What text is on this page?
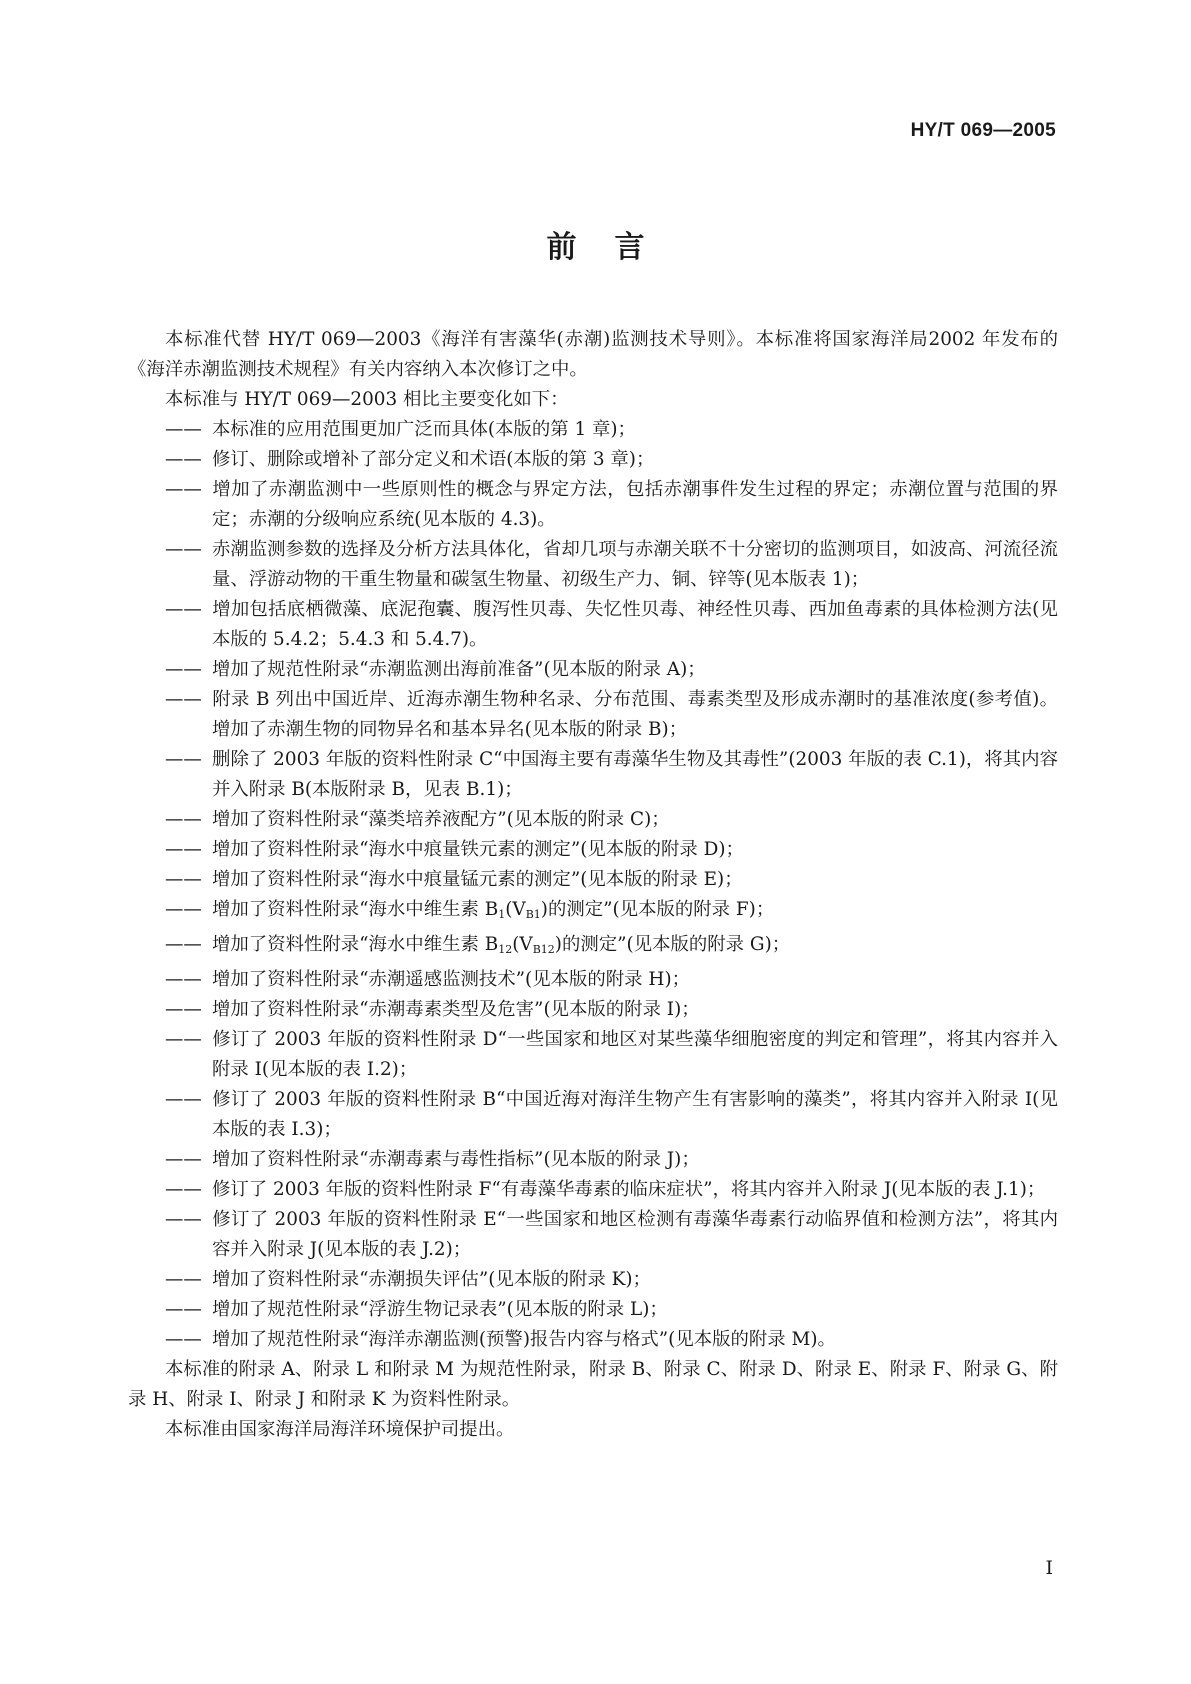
HY/T 069—2005
前言

本标准代替 HY/T 069—2003《海洋有害藻华(赤潮)监测技术导则》。本标准将国家海洋局2002 年发布的《海洋赤潮监测技术规程》有关内容纳入本次修订之中。

本标准与 HY/T 069—2003 相比主要变化如下：

—— 本标准的应用范围更加广泛而具体(本版的第 1 章)；

—— 修订、删除或增补了部分定义和术语(本版的第 3 章)；

—— 增加了赤潮监测中一些原则性的概念与界定方法，包括赤潮事件发生过程的界定；赤潮位置与范围的界定；赤潮的分级响应系统(见本版的 4.3)。

—— 赤潮监测参数的选择及分析方法具体化，省却几项与赤潮关联不十分密切的监测项目，如波高、河流径流量、浮游动物的干重生物量和碳氢生物量、初级生产力、铜、锌等(见本版表 1)；

—— 增加包括底栖微藻、底泥孢囊、腹泻性贝毒、失忆性贝毒、神经性贝毒、西加鱼毒素的具体检测方法(见本版的 5.4.2；5.4.3 和 5.4.7)。

—— 增加了规范性附录“赤潮监测出海前准备”(见本版的附录 A)；

—— 附录 B 列出中国近岸、近海赤潮生物种名录、分布范围、毒素类型及形成赤潮时的基准浓度(参考值)。增加了赤潮生物的同物异名和基本异名(见本版的附录 B)；

—— 删除了 2003 年版的资料性附录 C“中国海主要有毒藻华生物及其毒性”(2003 年版的表 C.1)，将其内容并入附录 B(本版附录 B，见表 B.1)；

—— 增加了资料性附录“藻类培养液配方”(见本版的附录 C)；

—— 增加了资料性附录“海水中痕量铁元素的测定”(见本版的附录 D)；

—— 增加了资料性附录“海水中痕量锰元素的测定”(见本版的附录 E)；

—— 增加了资料性附录“海水中维生素 $B_1(V_{B1})$的测定”(见本版的附录 F)；

—— 增加了资料性附录“海水中维生素 $B_{12}(V_{B12})$的测定”(见本版的附录 G)；

—— 增加了资料性附录“赤潮遥感监测技术”(见本版的附录 H)；

—— 增加了资料性附录“赤潮毒素类型及危害”(见本版的附录 I)；

—— 修订了 2003 年版的资料性附录 D“一些国家和地区对某些藻华细胞密度的判定和管理”，将其内容并入附录 I(见本版的表 I.2)；

—— 修订了 2003 年版的资料性附录 B“中国近海对海洋生物产生有害影响的藻类”，将其内容并入附录 I(见本版的表 I.3)；

—— 增加了资料性附录“赤潮毒素与毒性指标”(见本版的附录 J)；

—— 修订了 2003 年版的资料性附录 F“有毒藻华毒素的临床症状”，将其内容并入附录 J(见本版的表 J.1)；

—— 修订了 2003 年版的资料性附录 E“一些国家和地区检测有毒藻华毒素行动临界值和检测方法”，将其内容并入附录 J(见本版的表 J.2)；

—— 增加了资料性附录“赤潮损失评估”(见本版的附录 K)；

—— 增加了规范性附录“浮游生物记录表”(见本版的附录 L)；

—— 增加了规范性附录“海洋赤潮监测(预警)报告内容与格式”(见本版的附录 M)。

本标准的附录 A、附录 L 和附录 M 为规范性附录，附录 B、附录 C、附录 D、附录 E、附录 F、附录 G、附录 H、附录 I、附录 J 和附录 K 为资料性附录。

本标准由国家海洋局海洋环境保护司提出。

I
